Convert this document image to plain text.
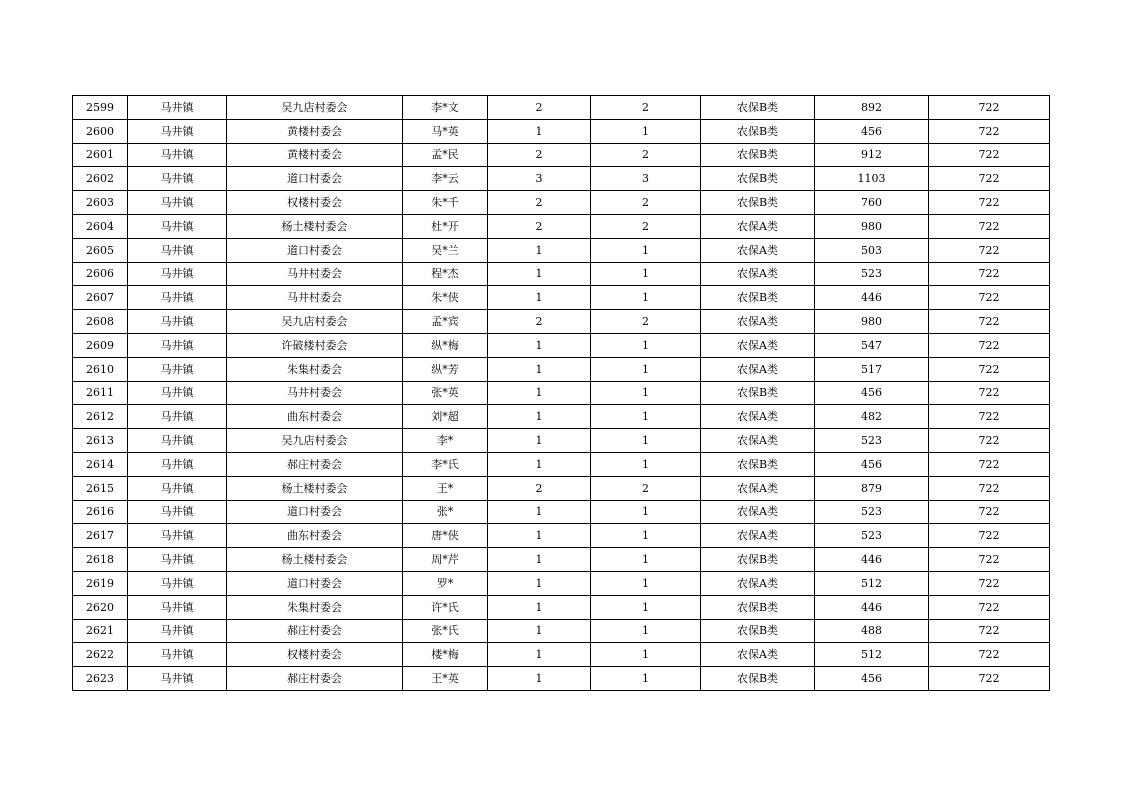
2599	马井镇	吴九店村委会	李*文	2	2	农保B类	892	722
2600	马井镇	黄楼村委会	马*英	1	1	农保B类	456	722
2601	马井镇	黄楼村委会	孟*民	2	2	农保B类	912	722
2602	马井镇	道口村委会	李*云	3	3	农保B类	1103	722
2603	马井镇	权楼村委会	朱*千	2	2	农保B类	760	722
2604	马井镇	杨土楼村委会	杜*开	2	2	农保A类	980	722
2605	马井镇	道口村委会	吴*兰	1	1	农保A类	503	722
2606	马井镇	马井村委会	程*杰	1	1	农保A类	523	722
2607	马井镇	马井村委会	朱*侠	1	1	农保B类	446	722
2608	马井镇	吴九店村委会	孟*宾	2	2	农保A类	980	722
2609	马井镇	许破楼村委会	纵*梅	1	1	农保A类	547	722
2610	马井镇	朱集村委会	纵*芳	1	1	农保A类	517	722
2611	马井镇	马井村委会	张*英	1	1	农保B类	456	722
2612	马井镇	曲东村委会	刘*超	1	1	农保A类	482	722
2613	马井镇	吴九店村委会	李*	1	1	农保A类	523	722
2614	马井镇	郝庄村委会	李*氏	1	1	农保B类	456	722
2615	马井镇	杨土楼村委会	王*	2	2	农保A类	879	722
2616	马井镇	道口村委会	张*	1	1	农保A类	523	722
2617	马井镇	曲东村委会	唐*侠	1	1	农保A类	523	722
2618	马井镇	杨土楼村委会	周*芹	1	1	农保B类	446	722
2619	马井镇	道口村委会	罗*	1	1	农保A类	512	722
2620	马井镇	朱集村委会	许*氏	1	1	农保B类	446	722
2621	马井镇	郝庄村委会	张*氏	1	1	农保B类	488	722
2622	马井镇	权楼村委会	楼*梅	1	1	农保A类	512	722
2623	马井镇	郝庄村委会	王*英	1	1	农保B类	456	722
